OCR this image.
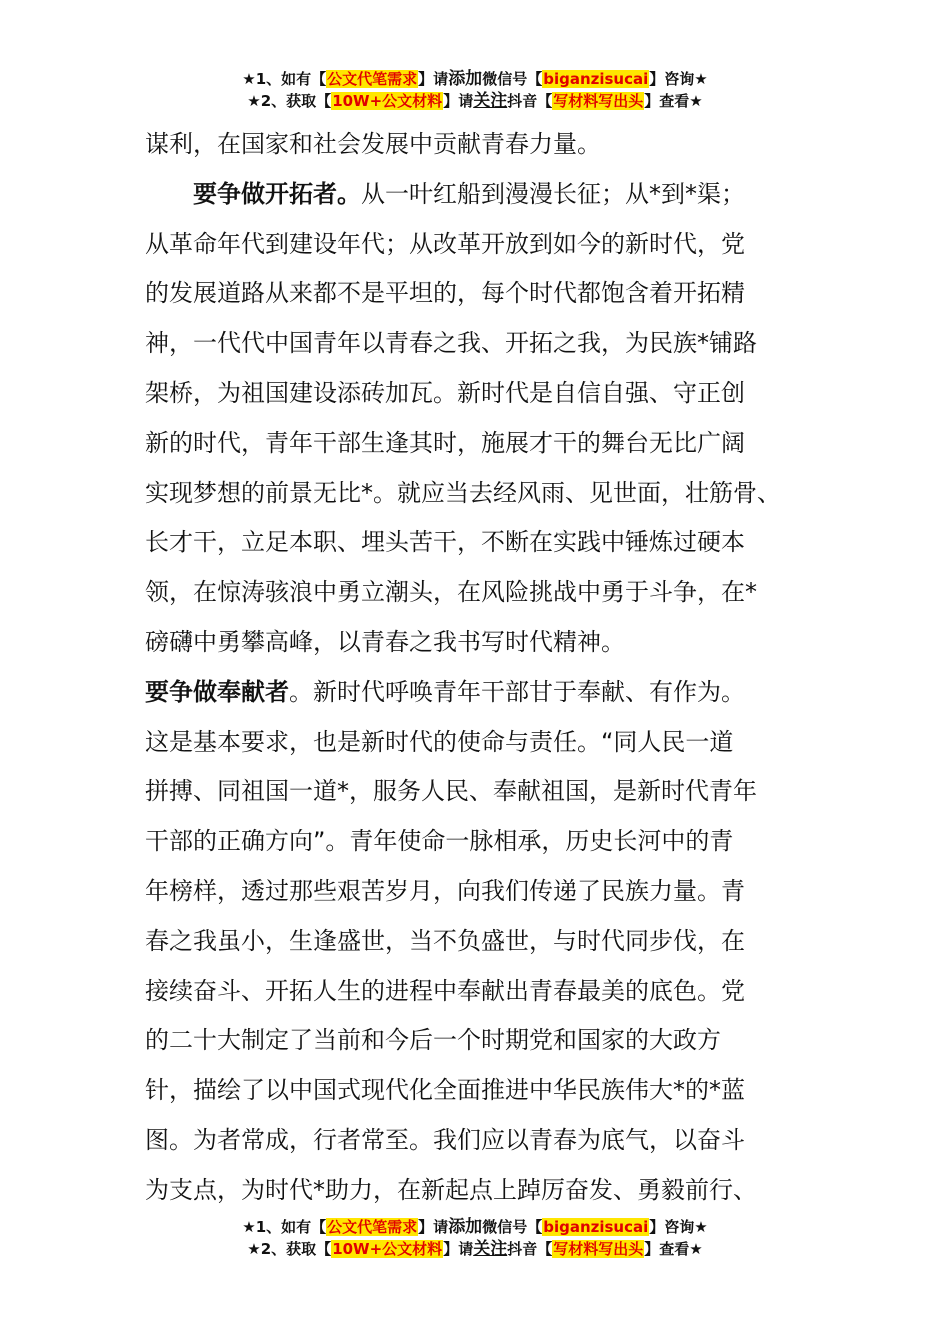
★1、如有【公文代笔需求】请添加微信号【biganzisucai】咨询★
★2、获取【10W+公文材料】请关注抖音【写材料写出头】查看★
谋利，在国家和社会发展中贡献青春力量。
要争做开拓者。从一叶红船到漫漫长征；从*到*渠；
从革命年代到建设年代；从改革开放到如今的新时代，党
的发展道路从来都不是平坦的，每个时代都饱含着开拓精
神，一代代中国青年以青春之我、开拓之我，为民族*铺路
架桥，为祖国建设添砖加瓦。新时代是自信自强、守正创
新的时代，青年干部生逢其时，施展才干的舞台无比广阔
实现梦想的前景无比*。就应当去经风雨、见世面，壮筋骨、
长才干，立足本职、埋头苦干，不断在实践中锤炼过硬本
领，在惊涛骇浪中勇立潮头，在风险挑战中勇于斗争，在*
磅礴中勇攀高峰，以青春之我书写时代精神。
要争做奉献者。新时代呼唤青年干部甘于奉献、有作为。
这是基本要求，也是新时代的使命与责任。“同人民一道
拼搏、同祖国一道*，服务人民、奉献祖国，是新时代青年
干部的正确方向”。青年使命一脉相承，历史长河中的青
年榜样，透过那些艰苦岁月，向我们传递了民族力量。青
春之我虽小，生逢盛世，当不负盛世，与时代同步伐，在
接续奋斗、开拓人生的进程中奉献出青春最美的底色。党
的二十大制定了当前和今后一个时期党和国家的大政方
针，描绘了以中国式现代化全面推进中华民族伟大*的*蓝
图。为者常成，行者常至。我们应以青春为底气，以奋斗
为支点，为时代*助力，在新起点上踔厉奋发、勇毅前行、
★1、如有【公文代笔需求】请添加微信号【biganzisucai】咨询★
★2、获取【10W+公文材料】请关注抖音【写材料写出头】查看★
